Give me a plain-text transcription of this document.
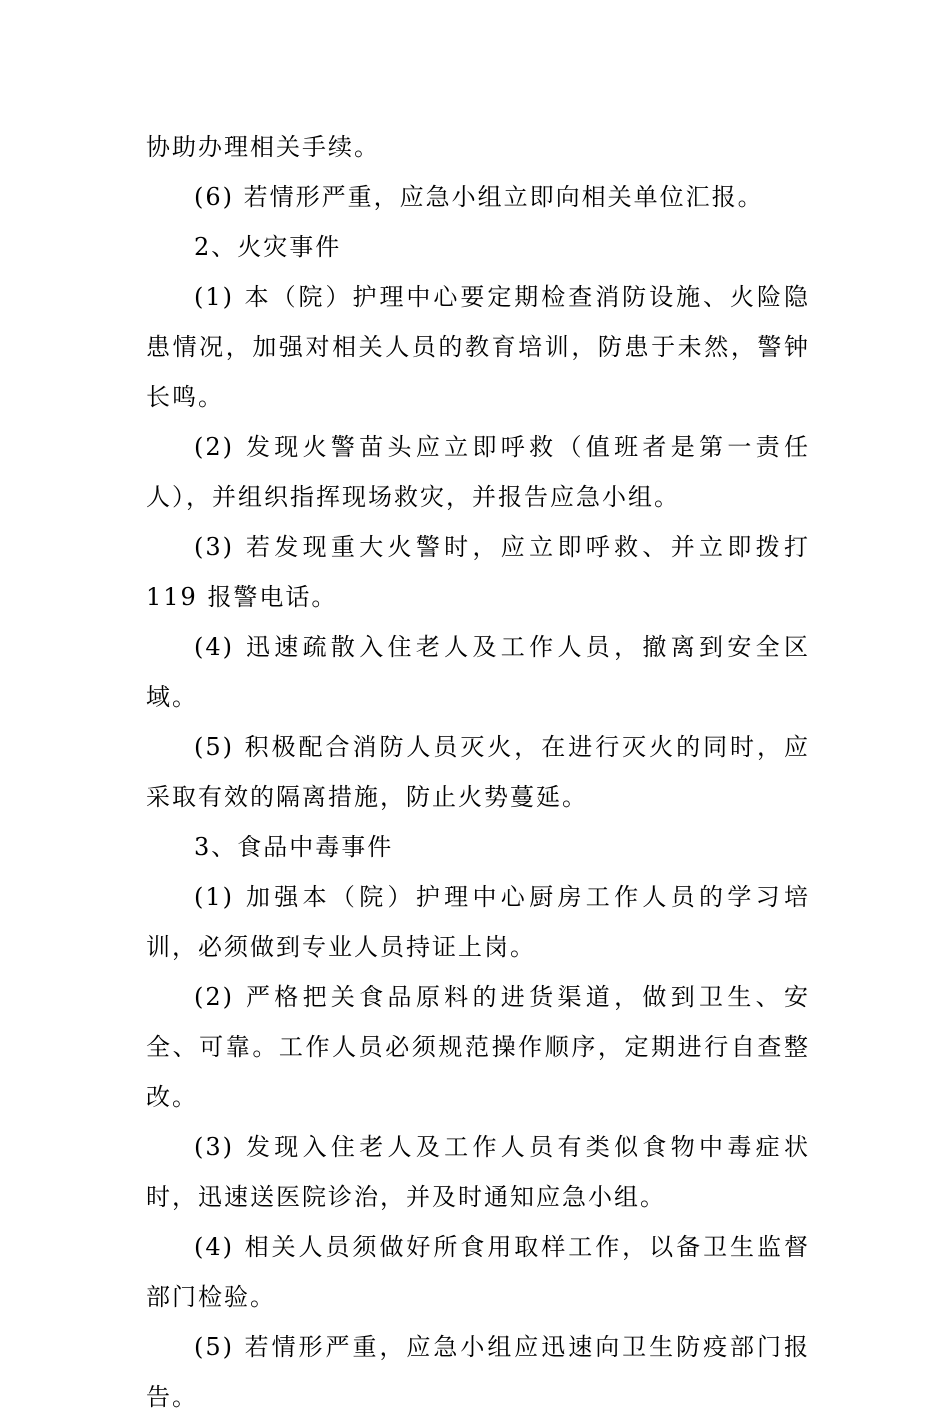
协助办理相关手续。

(6) 若情形严重，应急小组立即向相关单位汇报。

2、火灾事件

(1) 本（院）护理中心要定期检查消防设施、火险隐患情况，加强对相关人员的教育培训，防患于未然，警钟长鸣。

(2) 发现火警苗头应立即呼救（值班者是第一责任人），并组织指挥现场救灾，并报告应急小组。

(3) 若发现重大火警时，应立即呼救、并立即拨打 119 报警电话。

(4) 迅速疏散入住老人及工作人员，撤离到安全区域。

(5) 积极配合消防人员灭火，在进行灭火的同时，应采取有效的隔离措施，防止火势蔓延。

3、食品中毒事件

(1) 加强本（院）护理中心厨房工作人员的学习培训，必须做到专业人员持证上岗。

(2) 严格把关食品原料的进货渠道，做到卫生、安全、可靠。工作人员必须规范操作顺序，定期进行自查整改。

(3) 发现入住老人及工作人员有类似食物中毒症状时，迅速送医院诊治，并及时通知应急小组。

(4) 相关人员须做好所食用取样工作，以备卫生监督部门检验。

(5) 若情形严重，应急小组应迅速向卫生防疫部门报告。
